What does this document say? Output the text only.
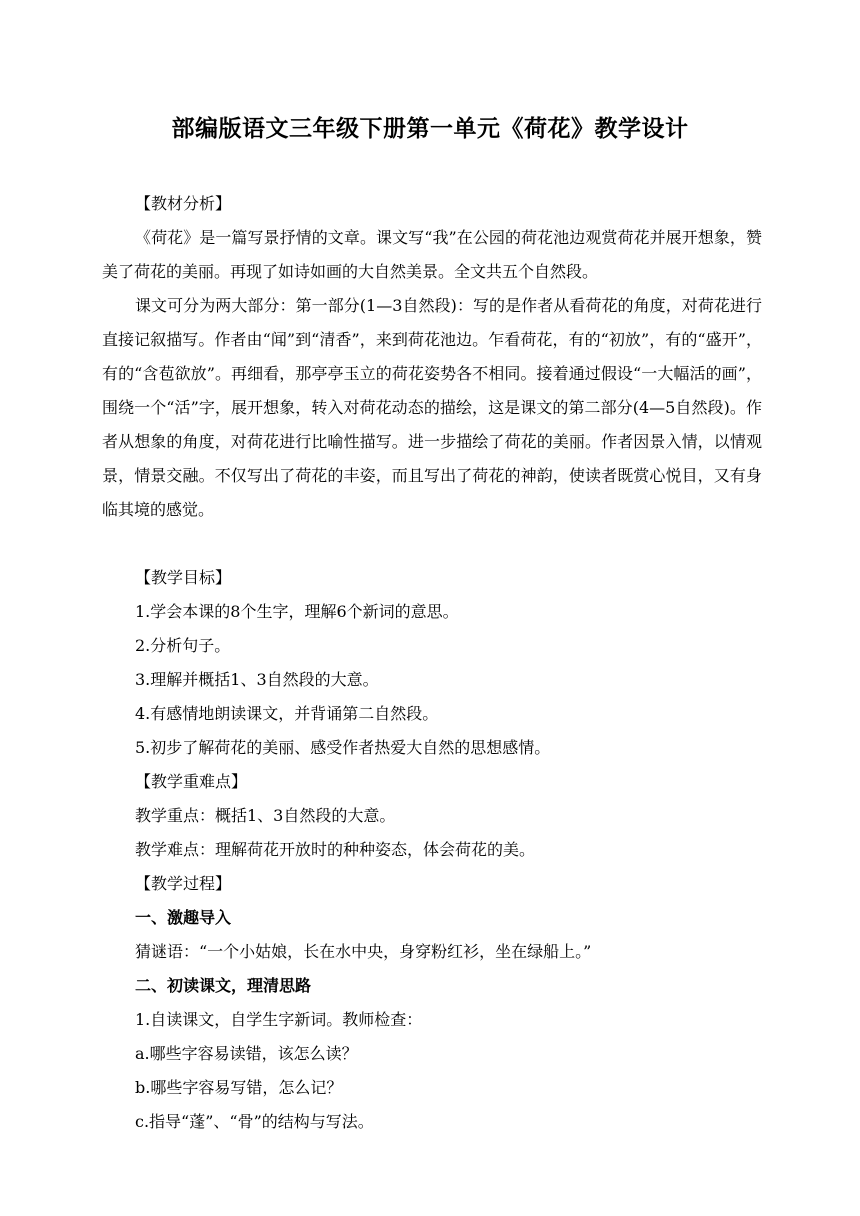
部编版语文三年级下册第一单元《荷花》教学设计
【教材分析】
《荷花》是一篇写景抒情的文章。课文写“我”在公园的荷花池边观赏荷花并展开想象，赞美了荷花的美丽。再现了如诗如画的大自然美景。全文共五个自然段。
课文可分为两大部分：第一部分(1—3自然段)：写的是作者从看荷花的角度，对荷花进行直接记叙描写。作者由“闻”到“清香”，来到荷花池边。乍看荷花，有的“初放”，有的“盛开”，有的“含苞欲放”。再细看，那亭亭玉立的荷花姿势各不相同。接着通过假设“一大幅活的画”，围绕一个“活”字，展开想象，转入对荷花动态的描绘，这是课文的第二部分(4—5自然段)。作者从想象的角度，对荷花进行比喻性描写。进一步描绘了荷花的美丽。作者因景入情，以情观景，情景交融。不仅写出了荷花的丰姿，而且写出了荷花的神韵，使读者既赏心悦目，又有身临其境的感觉。
【教学目标】
1.学会本课的8个生字，理解6个新词的意思。
2.分析句子。
3.理解并概括1、3自然段的大意。
4.有感情地朗读课文，并背诵第二自然段。
5.初步了解荷花的美丽、感受作者热爱大自然的思想感情。
【教学重难点】
教学重点：概括1、3自然段的大意。
教学难点：理解荷花开放时的种种姿态，体会荷花的美。
【教学过程】
一、激趣导入
猜谜语：“一个小姑娘，长在水中央，身穿粉红衫，坐在绿船上。”
二、初读课文，理清思路
1.自读课文，自学生字新词。教师检查：
a.哪些字容易读错，该怎么读？
b.哪些字容易写错，怎么记？
c.指导“蓬”、“骨”的结构与写法。
